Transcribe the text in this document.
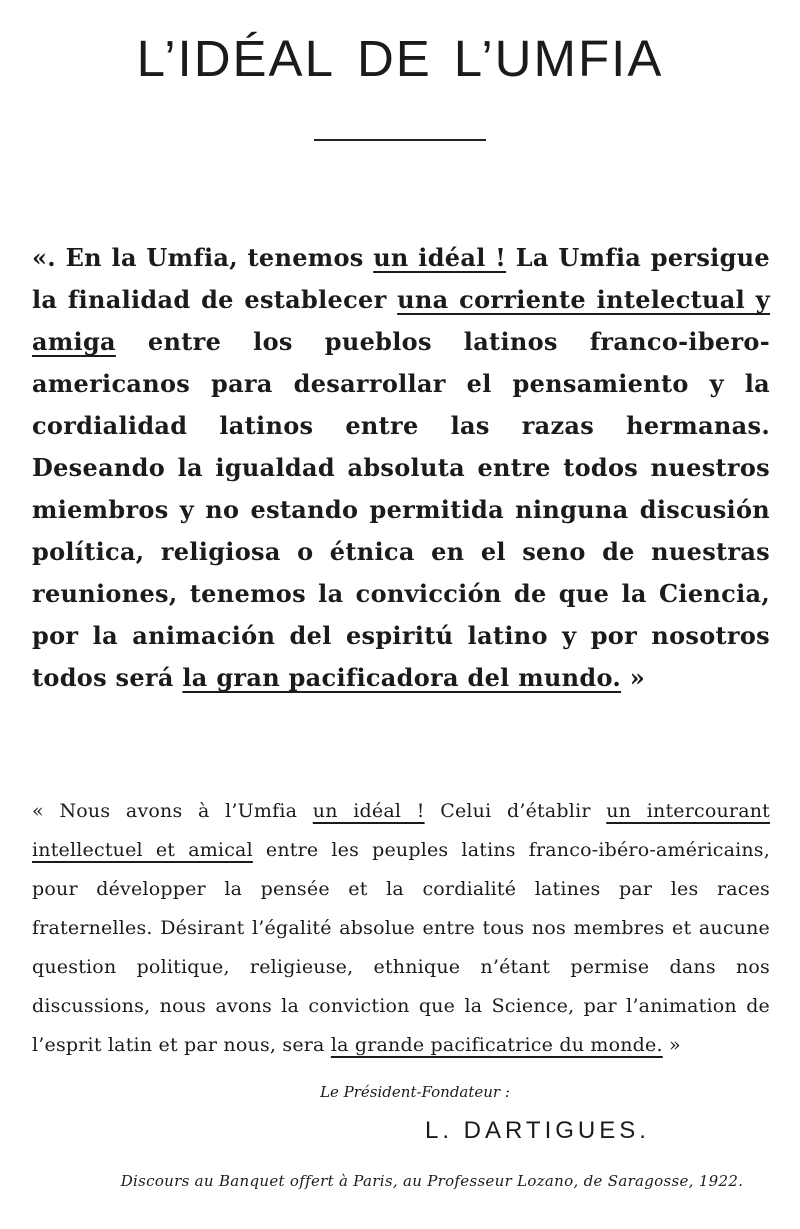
L’IDÉAL DE L’UMFIA

«. En la Umfia, tenemos un idéal ! La Umfia persigue la finalidad de establecer una corriente intelectual y amiga entre los pueblos latinos franco-ibero-americanos para desarrollar el pensamiento y la cordialidad latinos entre las razas hermanas. Deseando la igualdad absoluta entre todos nuestros miembros y no estando permitida ninguna discusión política, religiosa o étnica en el seno de nuestras reuniones, tenemos la convicción de que la Ciencia, por la animación del espiritú latino y por nosotros todos será la gran pacificadora del mundo. »

« Nous avons à l’Umfia un idéal ! Celui d’établir un intercourant intellectuel et amical entre les peuples latins franco-ibéro-américains, pour développer la pensée et la cordialité latines par les races fraternelles. Désirant l’égalité absolue entre tous nos membres et aucune question politique, religieuse, ethnique n’étant permise dans nos discussions, nous avons la conviction que la Science, par l’animation de l’esprit latin et par nous, sera la grande pacificatrice du monde. »

Le Président-Fondateur :

L. DARTIGUES.

Discours au Banquet offert à Paris, au Professeur Lozano, de Saragosse, 1922.
